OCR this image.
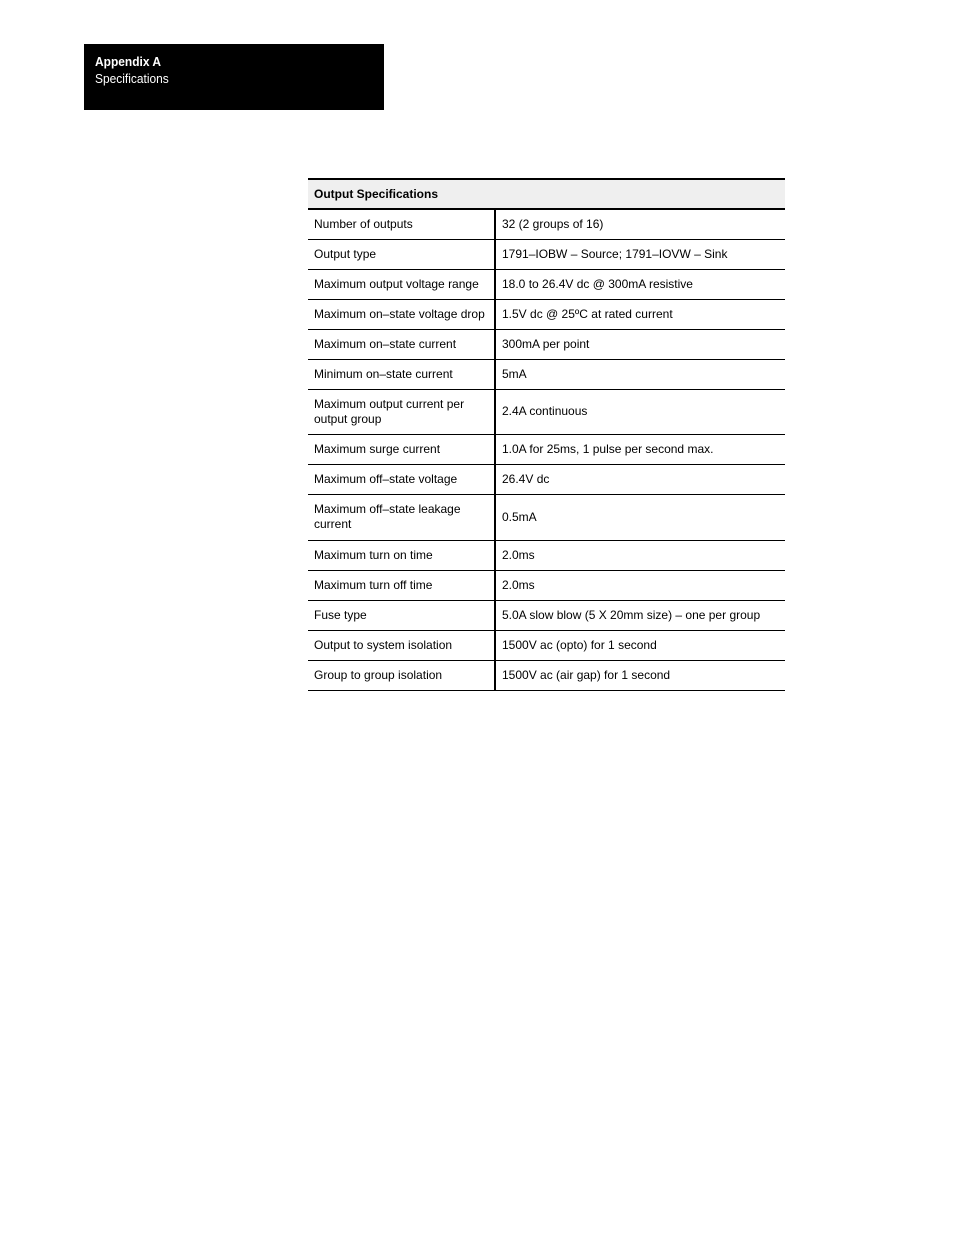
Appendix A
Specifications
Output Specifications	
Number of outputs	32 (2 groups of 16)
Output type	1791–IOBW – Source; 1791–IOVW – Sink
Maximum output voltage range	18.0 to 26.4V dc @ 300mA resistive
Maximum on–state voltage drop	1.5V dc @ 25ºC at rated current
Maximum on–state current	300mA per point
Minimum on–state current	5mA
Maximum output current per output group	2.4A continuous
Maximum surge current	1.0A for 25ms, 1 pulse per second max.
Maximum off–state voltage	26.4V dc
Maximum off–state leakage current	0.5mA
Maximum turn on time	2.0ms
Maximum turn off time	2.0ms
Fuse type	5.0A slow blow (5 X 20mm size) – one per group
Output to system isolation	1500V ac (opto) for 1 second
Group to group isolation	1500V ac (air gap) for 1 second
